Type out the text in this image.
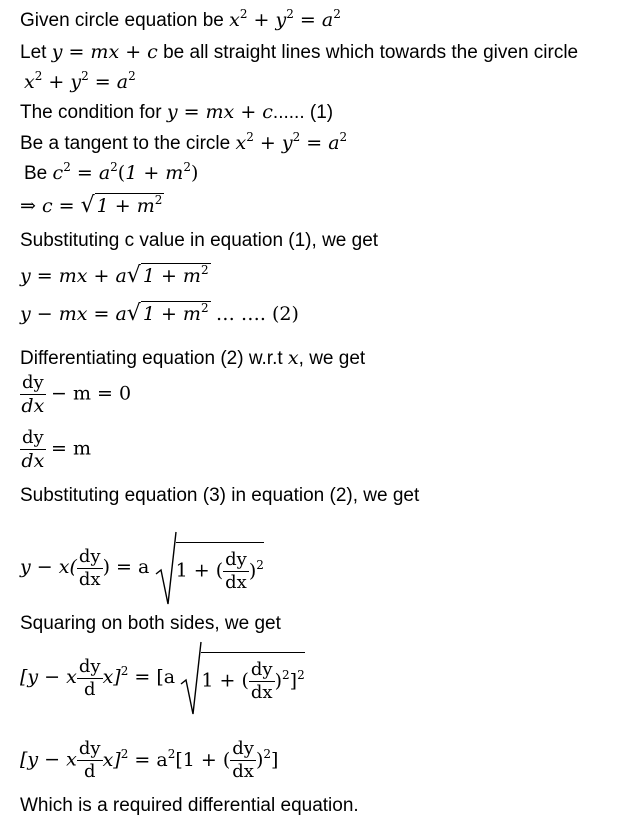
Given circle equation be $x^2 + y^2 = a^2$
Let y = mx + c be all straight lines which towards the given circle
$x^2 + y^2 = a^2$
The condition for y = mx + c...... (1)
Be a tangent to the circle $x^2 + y^2 = a^2$
Be $c^2 = a^2(1 + m^2)$
⇒ c = √ $1 + m^2$
Substituting c value in equation (1), we get
y = mx + a√ $1 + m^2$
y − mx = a√ $1 + m^2$ … …. (2)
Differentiating equation (2) w.r.t x, we get
$\frac{dy}{dx} - m = 0$
$\frac{dy}{dx} = m$
Substituting equation (3) in equation (2), we get
$y - x( \frac{dy}{dx}$ ) = a 1 + ( $\frac{dy}{dx} )^2$
Squaring on both sides, we get
[y − x $\frac{dy}{d} x]^2 = [a$ 1 + ( $\frac{dy}{dx} )^2]^2$
[y − x $\frac{dy}{d} x]^2 = a^2[1$ + ( $\frac{dy}{dx} )^2$]
Which is a required differential equation.
